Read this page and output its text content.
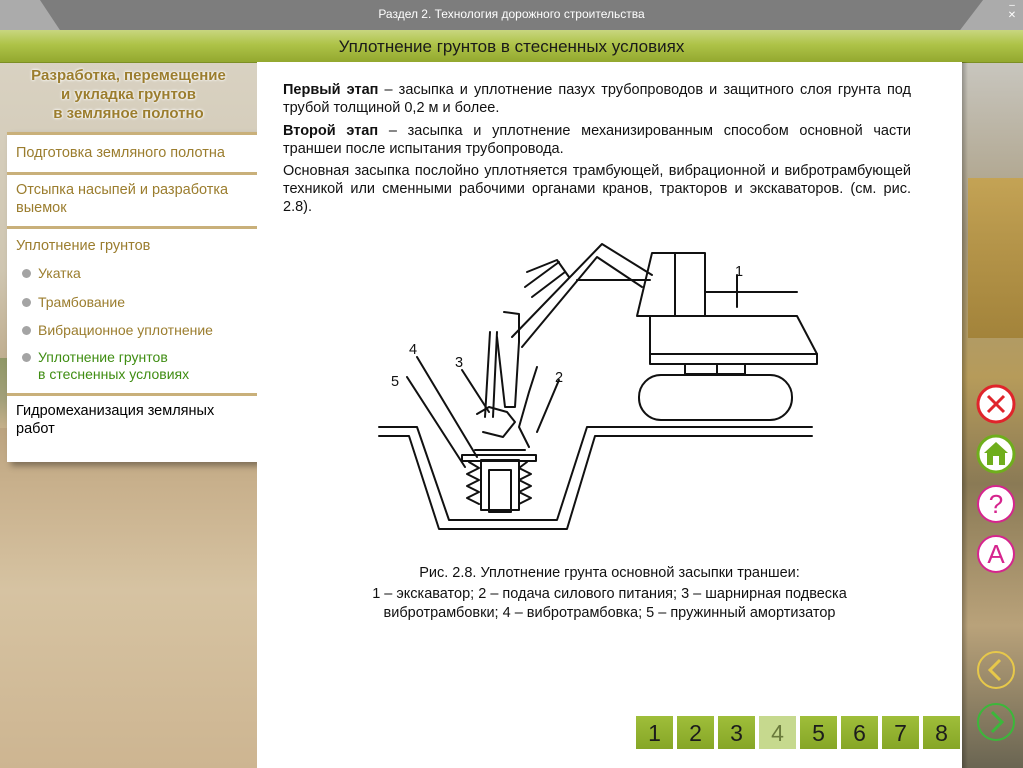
Раздел 2. Технология дорожного строительства
–
✕
Уплотнение грунтов в стесненных условиях
Разработка, перемещение
и укладка грунтов
в земляное полотно
Подготовка земляного полотна
Отсыпка насыпей и разработка
выемок
Уплотнение грунтов
Укатка
Трамбование
Вибрационное уплотнение
Уплотнение грунтов
в стесненных условиях
Гидромеханизация земляных
работ
Первый этап – засыпка и уплотнение пазух трубопроводов и защитного слоя грунта под трубой толщиной 0,2 м и более.
Второй этап – засыпка и уплотнение механизированным способом основной части траншеи после испытания трубопровода.
Основная засыпка послойно уплотняется трамбующей, вибрационной и вибротрамбующей техникой или сменными рабочими органами кранов, тракторов и экскаваторов. (см. рис. 2.8).
1
2
3
4
5
Рис. 2.8. Уплотнение грунта основной засыпки траншеи:
1 – экскаватор; 2 – подача силового питания; 3 – шарнирная подвеска
вибротрамбовки; 4 – вибротрамбовка; 5 – пружинный амортизатор
1	2	3	4	5	6	7	8
?
A
